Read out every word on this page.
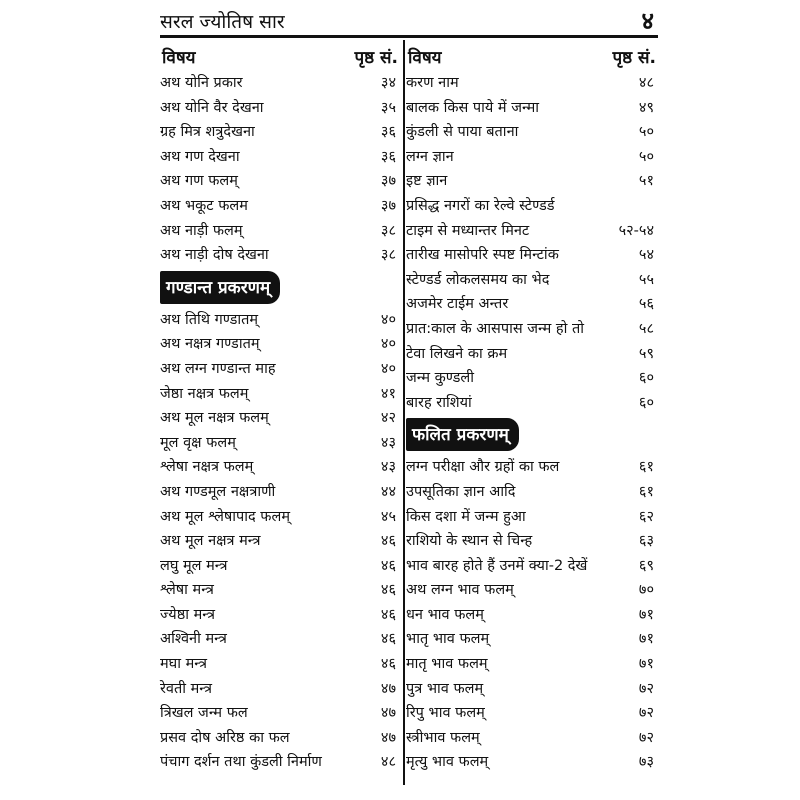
सरल ज्योतिष सार	४
विषय	पृष्ठ सं.
अथ योनि प्रकार	३४
अथ योनि वैर देखना	३५
ग्रह मित्र शत्रुदेखना	३६
अथ गण देखना	३६
अथ गण फलम्	३७
अथ भकूट फलम	३७
अथ नाड़ी फलम्	३८
अथ नाड़ी दोष देखना	३८
गण्डान्त प्रकरणम्
अथ तिथि गण्डातम्	४०
अथ नक्षत्र गण्डातम्	४०
अथ लग्न गण्डान्त माह	४०
जेष्ठा नक्षत्र फलम्	४१
अथ मूल नक्षत्र फलम्	४२
मूल वृक्ष फलम्	४३
श्लेषा नक्षत्र फलम्	४३
अथ गण्डमूल नक्षत्राणी	४४
अथ मूल श्लेषापाद फलम्	४५
अथ मूल नक्षत्र मन्त्र	४६
लघु मूल मन्त्र	४६
श्लेषा मन्त्र	४६
ज्येष्ठा मन्त्र	४६
अश्विनी मन्त्र	४६
मघा मन्त्र	४६
रेवती मन्त्र	४७
त्रिखल जन्म फल	४७
प्रसव दोष अरिष्ठ का फल	४७
पंचाग दर्शन तथा कुंडली निर्माण	४८
विषय	पृष्ठ सं.
करण नाम	४८
बालक किस पाये में जन्मा	४९
कुंडली से पाया बताना	५०
लग्न ज्ञान	५०
इष्ट ज्ञान	५१
प्रसिद्ध नगरों का रेल्वे स्टेण्डर्ड
टाइम से मध्यान्तर मिनट	५२-५४
तारीख मासोपरि स्पष्ट मिन्टांक	५४
स्टेण्डर्ड लोकलसमय का भेद	५५
अजमेर टाईम अन्तर	५६
प्रात:काल के आसपास जन्म हो तो	५८
टेवा लिखने का क्रम	५९
जन्म कुण्डली	६०
बारह राशियां	६०
फलित प्रकरणम्
लग्न परीक्षा और ग्रहों का फल	६१
उपसूतिका ज्ञान आदि	६१
किस दशा में जन्म हुआ	६२
राशियो के स्थान से चिन्ह	६३
भाव बारह होते हैं उनमें क्या-2 देखें	६९
अथ लग्न भाव फलम्	७०
धन भाव फलम्	७१
भातृ भाव फलम्	७१
मातृ भाव फलम्	७१
पुत्र भाव फलम्	७२
रिपु भाव फलम्	७२
स्त्रीभाव फलम्	७२
मृत्यु भाव फलम्	७३
